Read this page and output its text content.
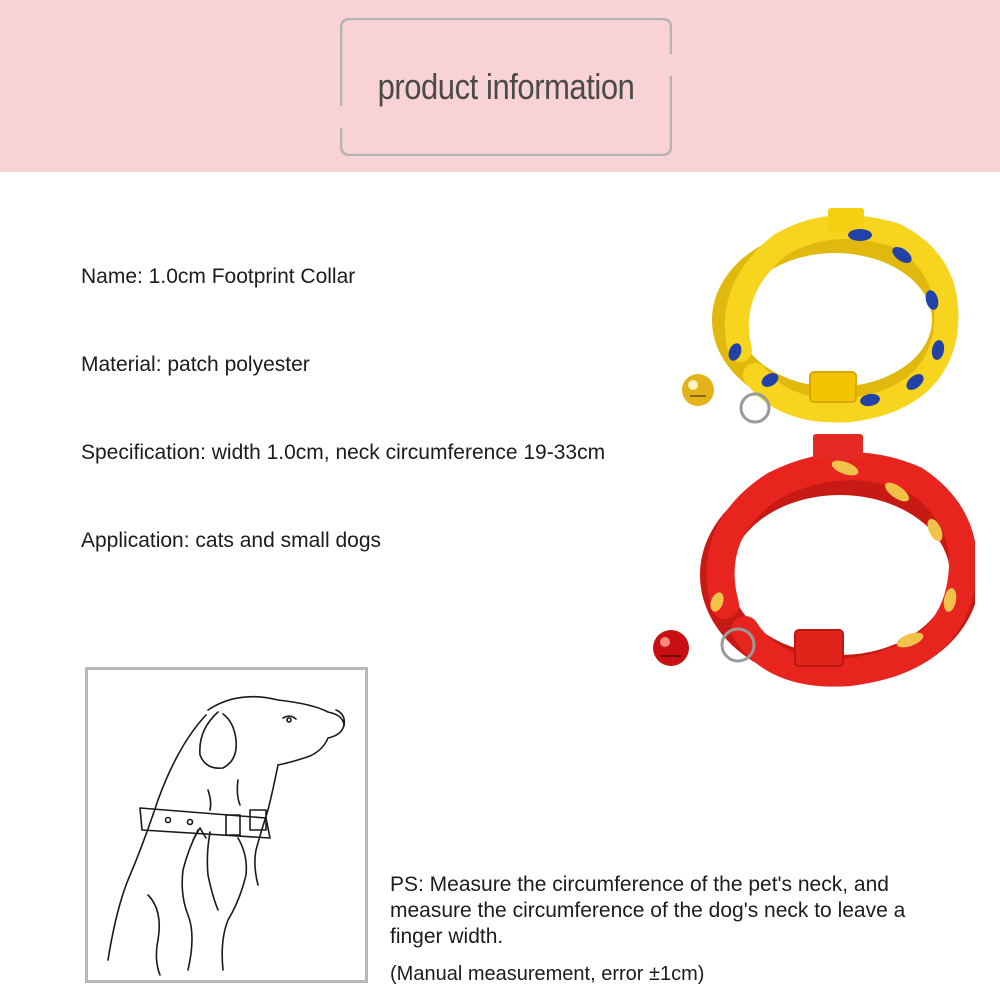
product information
Name: 1.0cm Footprint Collar
Material: patch polyester
Specification: width 1.0cm, neck circumference 19-33cm
Application: cats and small dogs
PS: Measure the circumference of the pet's neck, and measure the circumference of the dog's neck to leave a finger width.
(Manual measurement, error ±1cm)
